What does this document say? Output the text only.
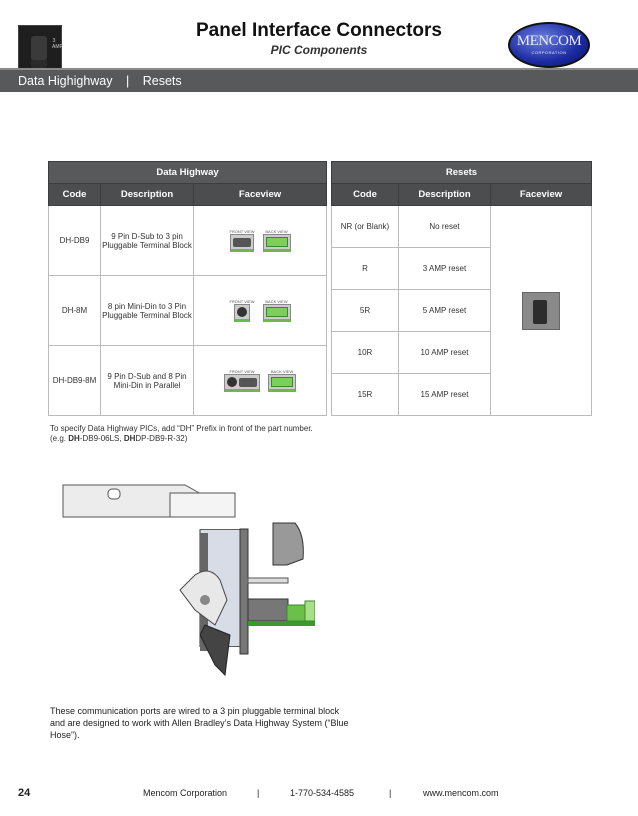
3 AMP
Panel Interface Connectors
PIC Components
MENCOM
CORPORATION
Data Highighway | Resets
Data Highway		
Code	Description	Faceview
DH-DB9	9 Pin D-Sub to 3 pin Pluggable Terminal Block	FRONT VIEW BACK VIEW

DH-8M	8 pin Mini-Din to 3 Pin Pluggable Terminal Block	FRONT VIEW BACK VIEW

DH-DB9-8M	9 Pin D-Sub and 8 Pin Mini-Din in Parallel	FRONT VIEW BACK VIEW
Resets		
Code	Description	Faceview
NR (or Blank)	No reset	

R	3 AMP reset	
5R	5 AMP reset	
10R	10 AMP reset	
15R	15 AMP reset	
To specify Data Highway PICs, add “DH” Prefix in front of the part number.
(e.g. DH-DB9-06LS, DHDP-DB9-R-32)
These communication ports are wired to a 3 pin pluggable terminal block and are designed to work with Allen Bradley’s Data Highway System (“Blue Hose”).
24	Mencom Corporation	|	1-770-534-4585	|	www.mencom.com
